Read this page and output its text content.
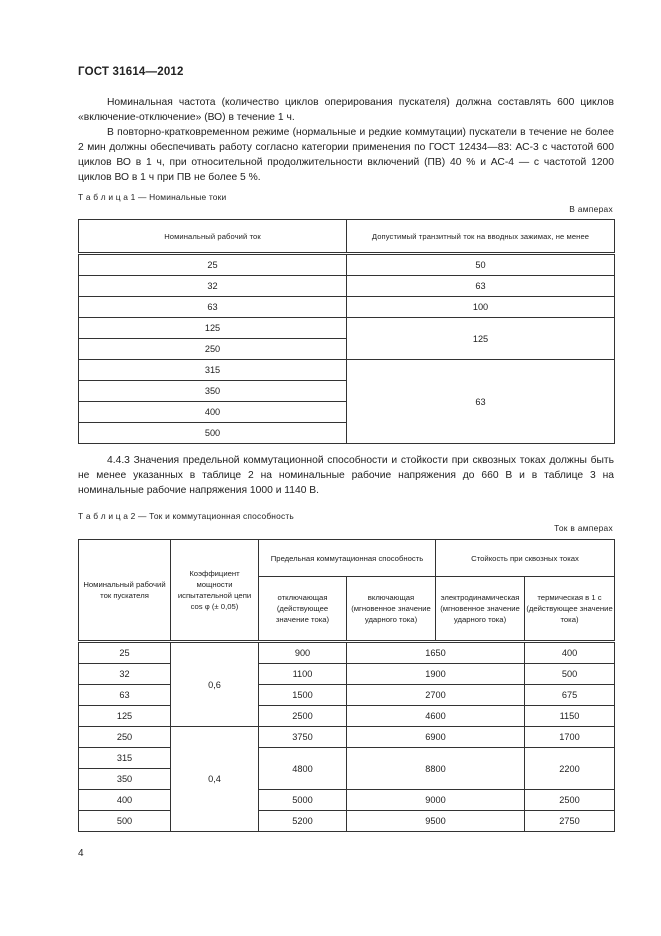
ГОСТ 31614—2012

Номинальная частота (количество циклов оперирования пускателя) должна составлять 600 циклов «включение-отключение» (ВО) в течение 1 ч.

В повторно-кратковременном режиме (нормальные и редкие коммутации) пускатели в течение не более 2 мин должны обеспечивать работу согласно категории применения по ГОСТ 12434—83: АС-3 с частотой 600 циклов ВО в 1 ч, при относительной продолжительности включений (ПВ) 40 % и АС-4 — с частотой 1200 циклов ВО в 1 ч при ПВ не более 5 %.

Т а б л и ц а 1 — Номинальные токи
В амперах
Номинальный рабочий ток	Допустимый транзитный ток на вводных зажимах, не менее
25	50
32	63
63	100
125	125
250	
315	63
350	
400	
500	

4.4.3 Значения предельной коммутационной способности и стойкости при сквозных токах должны быть не менее указанных в таблице 2 на номинальные рабочие напряжения до 660 В и в таблице 3 на номинальные рабочие напряжения 1000 и 1140 В.

Т а б л и ц а 2 — Ток и коммутационная способность
Ток в амперах
Номинальный рабочий ток пускателя	Коэффициент мощности испытательной цепи cos φ (± 0,05)	Предельная коммутационная способность		Стойкость при сквозных токах	
		отключающая (действующее значение тока)	включающая (мгновенное значение ударного тока)	электродинамическая (мгновенное значение ударного тока)	термическая в 1 с (действующее значение тока)
25	0,6	900	1650		400
32		1100	1900		500
63		1500	2700		675
125		2500	4600		1150
250	0,4	3750	6900		1700
315		4800	8800		2200
350					
400		5000	9000		2500
500		5200	9500		2750
4
